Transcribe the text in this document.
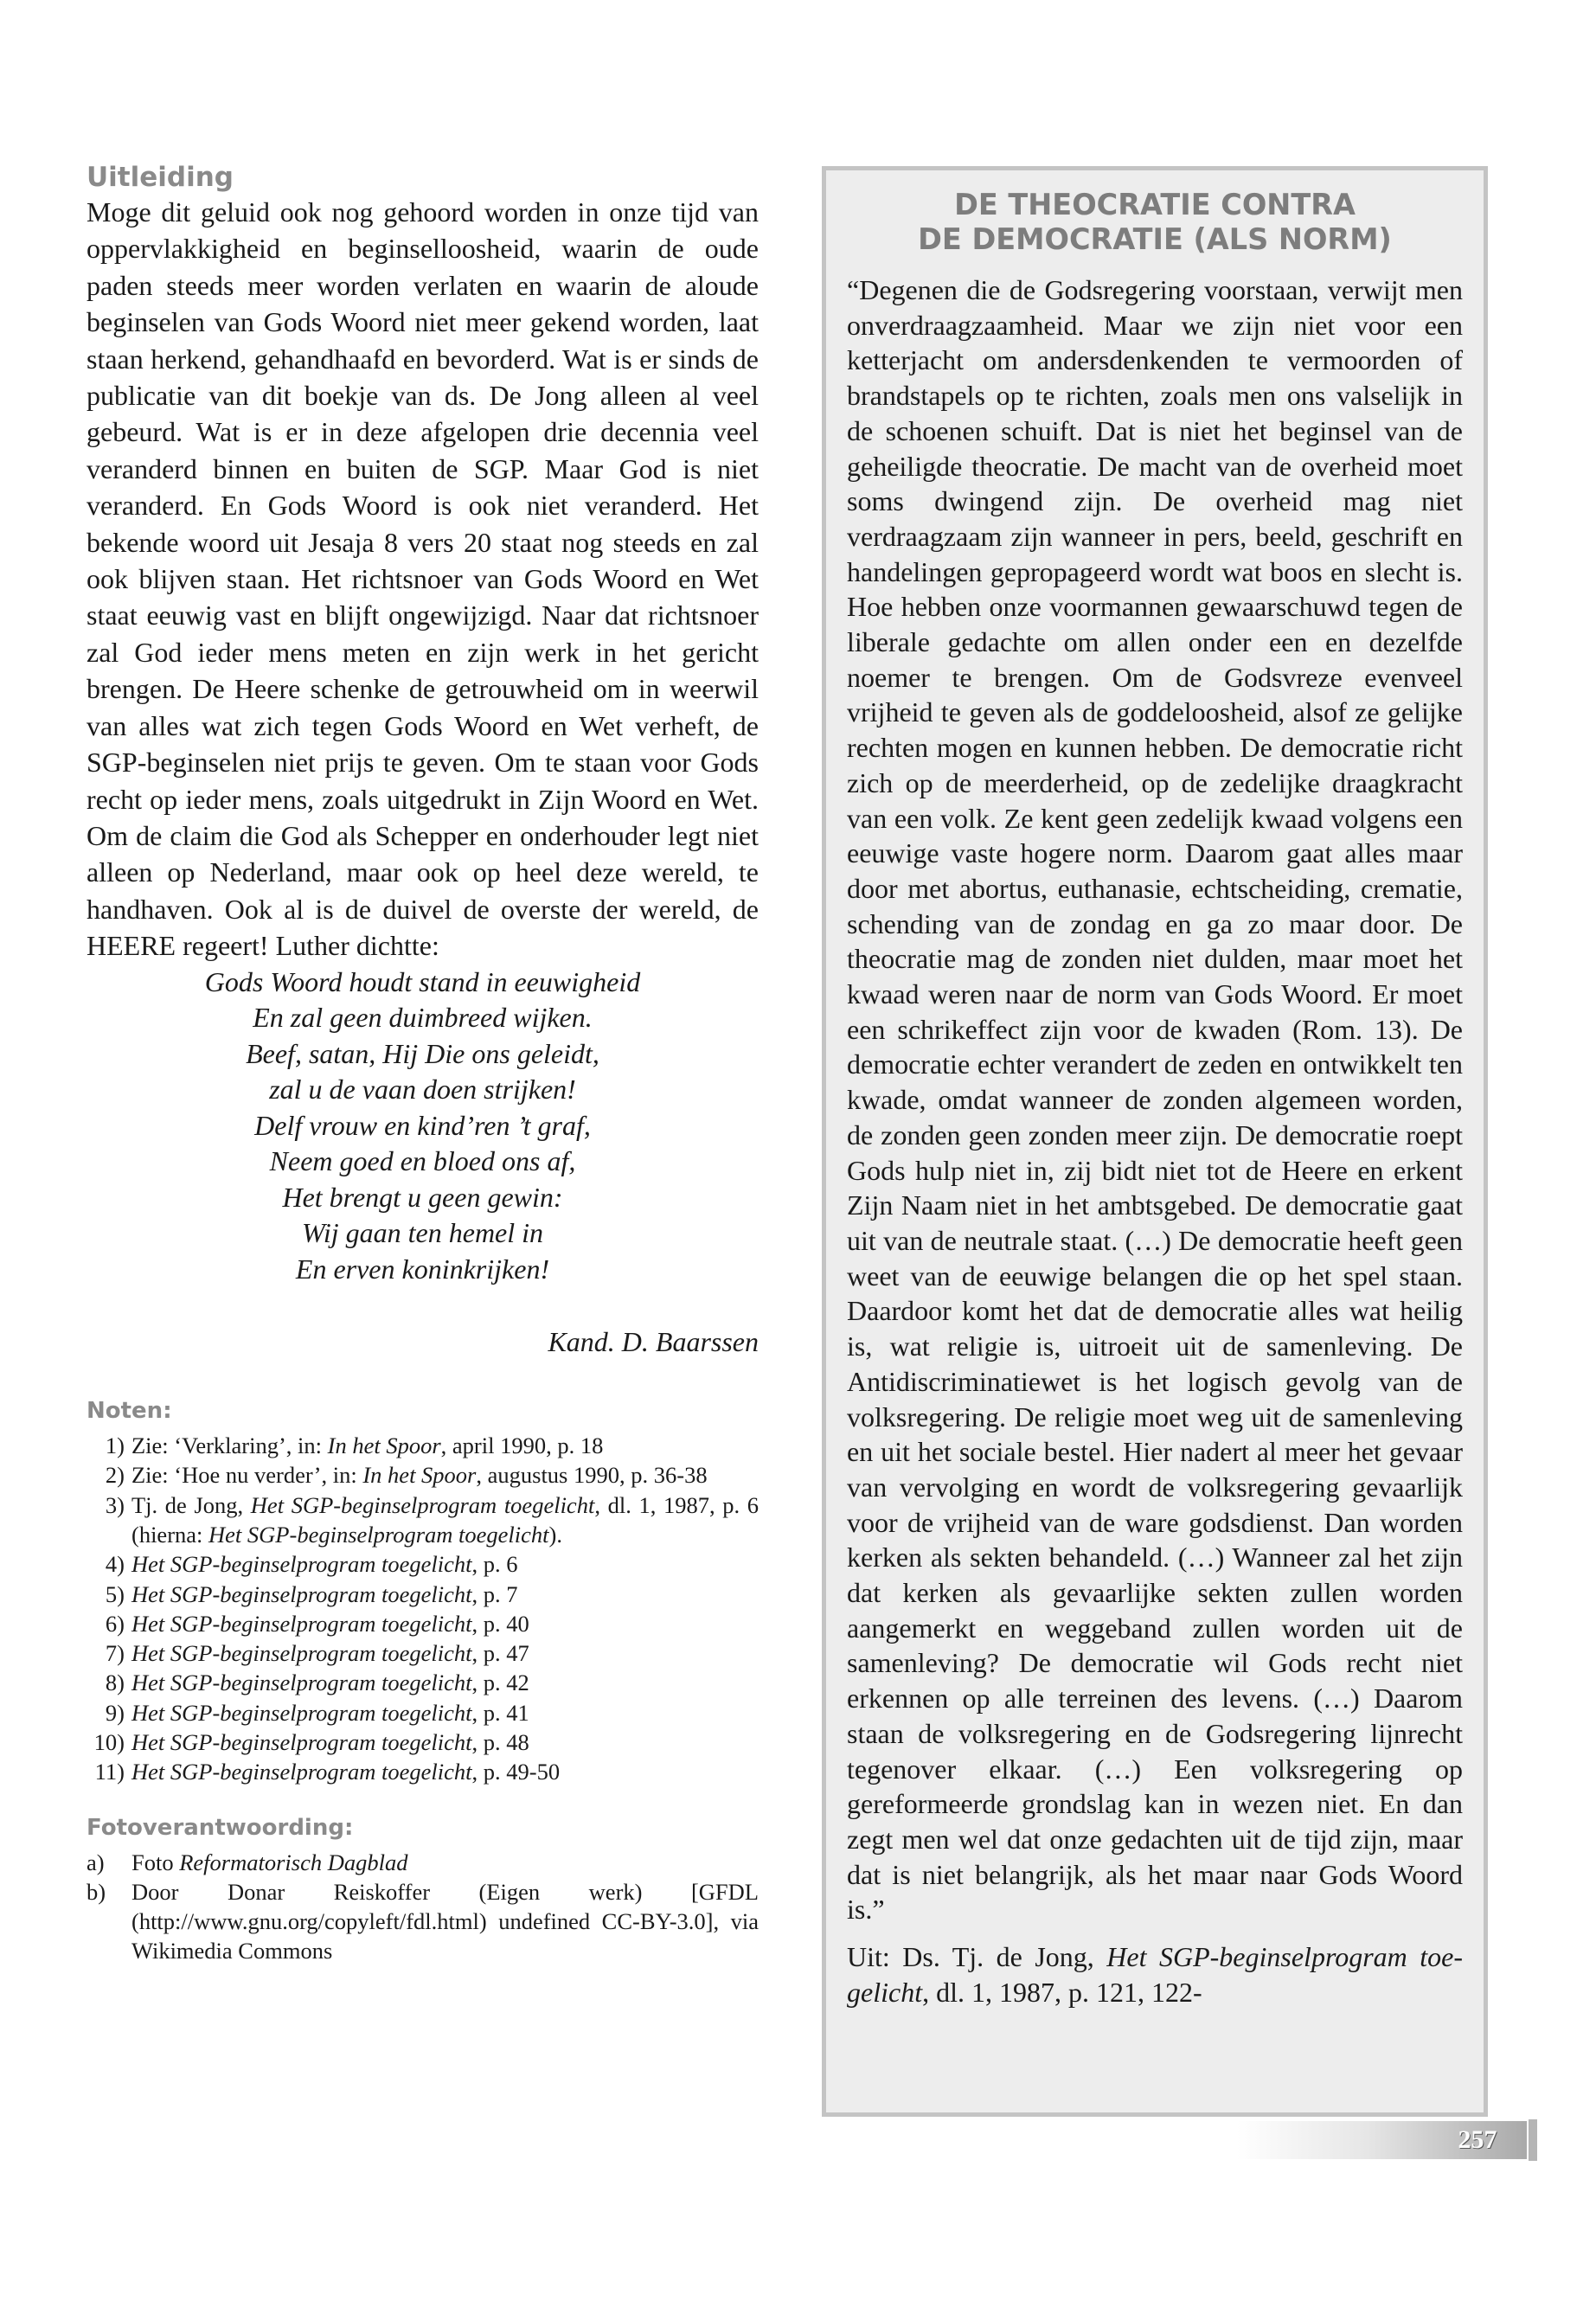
Uitleiding

Moge dit geluid ook nog gehoord worden in onze tijd van oppervlakkigheid en beginselloosheid, waarin de oude paden steeds meer worden verlaten en waarin de aloude beginselen van Gods Woord niet meer gekend worden, laat staan herkend, gehandhaafd en bevorderd. Wat is er sinds de publicatie van dit boekje van ds. De Jong alleen al veel gebeurd. Wat is er in deze afgelopen drie decennia veel veranderd binnen en buiten de SGP. Maar God is niet veranderd. En Gods Woord is ook niet veranderd. Het bekende woord uit Jesaja 8 vers 20 staat nog steeds en zal ook blijven staan. Het richtsnoer van Gods Woord en Wet staat eeuwig vast en blijft ongewijzigd. Naar dat richtsnoer zal God ieder mens meten en zijn werk in het gericht brengen. De Heere schenke de getrouwheid om in weerwil van alles wat zich tegen Gods Woord en Wet verheft, de SGP-beginselen niet prijs te geven. Om te staan voor Gods recht op ieder mens, zoals uitgedrukt in Zijn Woord en Wet. Om de claim die God als Schepper en onderhouder legt niet alleen op Nederland, maar ook op heel deze wereld, te handhaven. Ook al is de duivel de overste der wereld, de HEERE regeert! Luther dichtte:

Gods Woord houdt stand in eeuwigheid
En zal geen duimbreed wijken.
Beef, satan, Hij Die ons geleidt,
zal u de vaan doen strijken!
Delf vrouw en kind’ren ’t graf,
Neem goed en bloed ons af,
Het brengt u geen gewin:
Wij gaan ten hemel in
En erven koninkrijken!
Kand. D. Baarssen
Noten:
1) Zie: ‘Verklaring’, in: In het Spoor, april 1990, p. 18
2) Zie: ‘Hoe nu verder’, in: In het Spoor, augustus 1990, p. 36-38
3) Tj. de Jong, Het SGP-beginselprogram toegelicht, dl. 1, 1987, p. 6 (hierna: Het SGP-beginselprogram toegelicht).
4) Het SGP-beginselprogram toegelicht, p. 6
5) Het SGP-beginselprogram toegelicht, p. 7
6) Het SGP-beginselprogram toegelicht, p. 40
7) Het SGP-beginselprogram toegelicht, p. 47
8) Het SGP-beginselprogram toegelicht, p. 42
9) Het SGP-beginselprogram toegelicht, p. 41
10) Het SGP-beginselprogram toegelicht, p. 48
11) Het SGP-beginselprogram toegelicht, p. 49-50
Fotoverantwoording:
a)	Foto Reformatorisch Dagblad
b)	Door Donar Reiskoffer (Eigen werk) [GFDL (http://www.gnu.org/copyleft/fdl.html) undefined CC-BY-3.0], via Wikimedia Commons
DE THEOCRATIE CONTRA
DE DEMOCRATIE (ALS NORM)

“Degenen die de Godsregering voorstaan, verwijt men onverdraagzaamheid. Maar we zijn niet voor een ketterjacht om andersdenkenden te vermoorden of brandstapels op te richten, zoals men ons valselijk in de schoenen schuift. Dat is niet het beginsel van de geheiligde theocratie. De macht van de overheid moet soms dwingend zijn. De overheid mag niet verdraagzaam zijn wanneer in pers, beeld, geschrift en handelingen gepropageerd wordt wat boos en slecht is. Hoe hebben onze voormannen gewaarschuwd tegen de liberale gedachte om allen onder een en dezelfde noemer te brengen. Om de Godsvreze evenveel vrijheid te geven als de goddeloosheid, alsof ze gelijke rechten mogen en kunnen hebben. De democratie richt zich op de meerderheid, op de zedelijke draagkracht van een volk. Ze kent geen zedelijk kwaad volgens een eeuwige vaste hogere norm. Daarom gaat alles maar door met abortus, euthanasie, echtscheiding, crematie, schending van de zondag en ga zo maar door. De theocratie mag de zonden niet dulden, maar moet het kwaad weren naar de norm van Gods Woord. Er moet een schrikeffect zijn voor de kwaden (Rom. 13). De democratie echter verandert de zeden en ontwikkelt ten kwade, omdat wanneer de zonden algemeen worden, de zonden geen zonden meer zijn. De democratie roept Gods hulp niet in, zij bidt niet tot de Heere en erkent Zijn Naam niet in het ambtsgebed. De democratie gaat uit van de neutrale staat. (…) De democratie heeft geen weet van de eeuwige belangen die op het spel staan. Daardoor komt het dat de democratie alles wat heilig is, wat religie is, uitroeit uit de samenleving. De Antidiscriminatiewet is het logisch gevolg van de volksregering. De religie moet weg uit de samenleving en uit het sociale bestel. Hier nadert al meer het gevaar van vervolging en wordt de volksregering gevaarlijk voor de vrijheid van de ware godsdienst. Dan worden kerken als sekten behandeld. (…) Wanneer zal het zijn dat kerken als gevaarlijke sekten zullen worden aangemerkt en weggeband zullen worden uit de samenleving? De democratie wil Gods recht niet erkennen op alle terreinen des levens. (…) Daarom staan de volksregering en de Godsregering lijnrecht tegenover elkaar. (…) Een volksregering op gereformeerde grondslag kan in wezen niet. En dan zegt men wel dat onze gedachten uit de tijd zijn, maar dat is niet belangrijk, als het maar naar Gods Woord is.”

Uit: Ds. Tj. de Jong, Het SGP-beginselprogram toegelicht, dl. 1, 1987, p. 121, 122-

257
